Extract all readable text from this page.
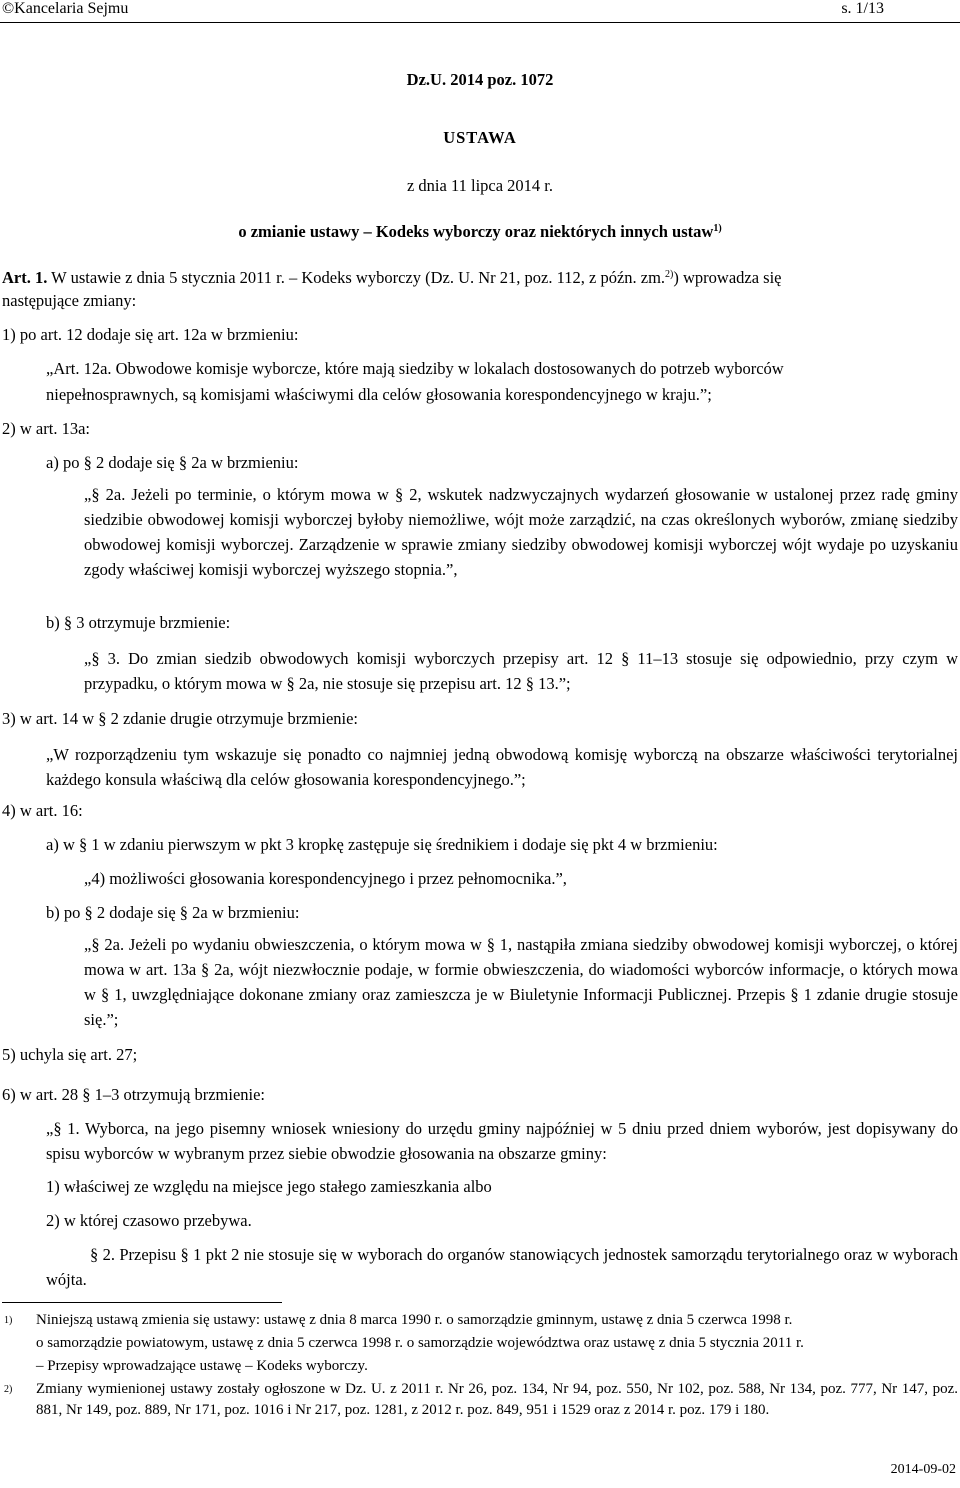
©Kancelaria Sejmu	s. 1/13
Dz.U. 2014 poz. 1072
USTAWA
z dnia 11 lipca 2014 r.
o zmianie ustawy – Kodeks wyborczy oraz niektórych innych ustaw$^{1)}$
Art. 1. W ustawie z dnia 5 stycznia 2011 r. – Kodeks wyborczy (Dz. U. Nr 21, poz. 112, z późn. zm.$^{2)}$) wprowadza się
następujące zmiany:
1) po art. 12 dodaje się art. 12a w brzmieniu:
„Art. 12a. Obwodowe komisje wyborcze, które mają siedziby w lokalach dostosowanych do potrzeb wyborców
niepełnosprawnych, są komisjami właściwymi dla celów głosowania korespondencyjnego w kraju.”;
2) w art. 13a:
a) po § 2 dodaje się § 2a w brzmieniu:
„§ 2a. Jeżeli po terminie, o którym mowa w § 2, wskutek nadzwyczajnych wydarzeń głosowanie w ustalonej przez radę gminy siedzibie obwodowej komisji wyborczej byłoby niemożliwe, wójt może zarządzić, na czas określonych wyborów, zmianę siedziby obwodowej komisji wyborczej. Zarządzenie w sprawie zmiany siedziby obwodowej komisji wyborczej wójt wydaje po uzyskaniu zgody właściwej komisji wyborczej wyższego stopnia.”,
b) § 3 otrzymuje brzmienie:
„§ 3. Do zmian siedzib obwodowych komisji wyborczych przepisy art. 12 § 11–13 stosuje się odpowiednio, przy czym w przypadku, o którym mowa w § 2a, nie stosuje się przepisu art. 12 § 13.”;
3) w art. 14 w § 2 zdanie drugie otrzymuje brzmienie:
„W rozporządzeniu tym wskazuje się ponadto co najmniej jedną obwodową komisję wyborczą na obszarze właściwości terytorialnej każdego konsula właściwą dla celów głosowania korespondencyjnego.”;
4) w art. 16:
a) w § 1 w zdaniu pierwszym w pkt 3 kropkę zastępuje się średnikiem i dodaje się pkt 4 w brzmieniu:
„4) możliwości głosowania korespondencyjnego i przez pełnomocnika.”,
b) po § 2 dodaje się § 2a w brzmieniu:
„§ 2a. Jeżeli po wydaniu obwieszczenia, o którym mowa w § 1, nastąpiła zmiana siedziby obwodowej komisji wyborczej, o której mowa w art. 13a § 2a, wójt niezwłocznie podaje, w formie obwieszczenia, do wiadomości wyborców informacje, o których mowa w § 1, uwzględniające dokonane zmiany oraz zamieszcza je w Biuletynie Informacji Publicznej. Przepis § 1 zdanie drugie stosuje się.”;
5) uchyla się art. 27;
6) w art. 28 § 1–3 otrzymują brzmienie:
„§ 1. Wyborca, na jego pisemny wniosek wniesiony do urzędu gminy najpóźniej w 5 dniu przed dniem wyborów, jest dopisywany do spisu wyborców w wybranym przez siebie obwodzie głosowania na obszarze gminy:
1) właściwej ze względu na miejsce jego stałego zamieszkania albo
2) w której czasowo przebywa.
§ 2. Przepisu § 1 pkt 2 nie stosuje się w wyborach do organów stanowiących jednostek samorządu terytorialnego oraz w wyborach wójta.
$^{1)}$ Niniejszą ustawą zmienia się ustawy: ustawę z dnia 8 marca 1990 r. o samorządzie gminnym, ustawę z dnia 5 czerwca 1998 r.
o samorządzie powiatowym, ustawę z dnia 5 czerwca 1998 r. o samorządzie województwa oraz ustawę z dnia 5 stycznia 2011 r.
– Przepisy wprowadzające ustawę – Kodeks wyborczy.
$^{2)}$ Zmiany wymienionej ustawy zostały ogłoszone w Dz. U. z 2011 r. Nr 26, poz. 134, Nr 94, poz. 550, Nr 102, poz. 588, Nr 134, poz. 777, Nr 147, poz. 881, Nr 149, poz. 889, Nr 171, poz. 1016 i Nr 217, poz. 1281, z 2012 r. poz. 849, 951 i 1529 oraz z 2014 r. poz. 179 i 180.
2014-09-02
